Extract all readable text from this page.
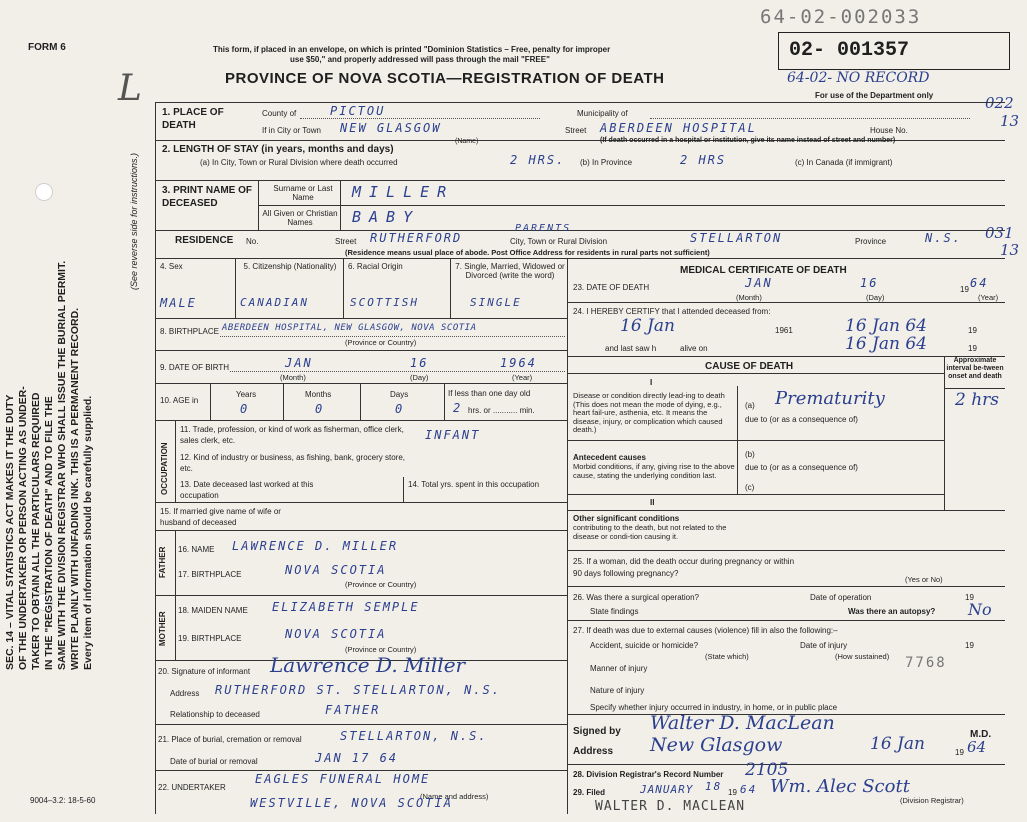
FORM 6
L
This form, if placed in an envelope, on which is printed "Dominion Statistics – Free, penalty for improper
use $50," and properly addressed will pass through the mail "FREE"
PROVINCE OF NOVA SCOTIA—REGISTRATION OF DEATH
64-02-002033
02- 001357
64-02- NO RECORD
For use of the Department only	022
13
031
13
SEC. 14 – VITAL STATISTICS ACT MAKES IT THE DUTY OF THE UNDERTAKER OR PERSON ACTING AS UNDER- TAKER TO OBTAIN ALL THE PARTICULARS REQUIRED IN THE "REGISTRATION OF DEATH" AND TO FILE THE SAME WITH THE DIVISION REGISTRAR WHO SHALL ISSUE THE BURIAL PERMIT. WRITE PLAINLY WITH UNFADING INK. THIS IS A PERMANENT RECORD. Every item of information should be carefully supplied.
(See reverse side for instructions.)
1. PLACE OF DEATH
County of	PICTOU	Municipality of
If in City or Town NEW GLASGOW
(Name)
Street ABERDEEN HOSPITAL	House No.
(If death occurred in a hospital or institution, give its name instead of street and number)
2. LENGTH OF STAY (in years, months and days)
(a) In City, Town or Rural Division where death occurred	2 HRS. (b) In Province	2 HRS	(c) In Canada (if immigrant)
3. PRINT NAME OF DECEASED
Surname or Last Name	MILLER
All Given or Christian Names	BABY
RESIDENCE No.	Street RUTHERFORD
PARENTS
City, Town or Rural Division	STELLARTON	Province	N.S.
(Residence means usual place of abode. Post Office Address for residents in rural parts not sufficient)
4. Sex
MALE
5. Citizenship (Nationality)
CANADIAN
6. Racial Origin
SCOTTISH
7. Single, Married, Widowed or Divorced (write the word)
SINGLE
8. BIRTHPLACE ABERDEEN HOSPITAL, NEW GLASGOW, NOVA SCOTIA
(Province or Country)
9. DATE OF BIRTH	JAN	16	1964
(Month)	(Day)	(Year)
10. AGE in
Years	Months	Days
0	0	0
If less than one day old
2 hrs. or ........... min.
OCCUPATION
11. Trade, profession, or kind of work as fisherman, office clerk, sales clerk, etc.	INFANT
12. Kind of industry or business, as fishing, bank, grocery store, etc.
13. Date deceased last worked at this occupation
14. Total yrs. spent in this occupation
15. If married give name of wife or husband of deceased
FATHER 16. NAME LAWRENCE D. MILLER
17. BIRTHPLACE	NOVA SCOTIA
(Province or Country)
MOTHER
18. MAIDEN NAME ELIZABETH SEMPLE
19. BIRTHPLACE	NOVA SCOTIA
(Province or Country)
20. Signature of informant Lawrence D. Miller
Address RUTHERFORD ST. STELLARTON, N.S.
Relationship to deceased	FATHER
21. Place of burial, cremation or removal	STELLARTON, N.S.
Date of burial or removal	JAN 17 64
22. UNDERTAKER
EAGLES FUNERAL HOME
(Name and address)
WESTVILLE, NOVA SCOTIA
9004–3.2: 18-5-60
MEDICAL CERTIFICATE OF DEATH
23. DATE OF DEATH	JAN	16	19 64
(Month)	(Day)	(Year)
24. I HEREBY CERTIFY that I attended deceased from:
16 Jan	1961	16 Jan 64	19
and last saw h	alive on	16 Jan 64	19
CAUSE OF DEATH
Approximate interval be-tween onset and death
I
Disease or condition directly lead-ing to death (This does not mean the mode of dying, e.g., heart fail-ure, asthenia, etc. It means the disease, injury, or complication which caused death.)
(a) Prematurity	2 hrs
due to (or as a consequence of)
Antecedent causes
Morbid conditions, if any, giving rise to the above cause, stating the underlying condition last.
(b)
due to (or as a consequence of)
(c)
II
Other significant conditions
contributing to the death, but not related to the disease or condi-tion causing it.
25. If a woman, did the death occur during pregnancy or within 90 days following pregnancy?
(Yes or No)
26. Was there a surgical operation?	Date of operation	19
State findings	Was there an autopsy? No
27. If death was due to external causes (violence) fill in also the following:–
Accident, suicide or homicide?	Date of injury	19
(State which)	(How sustained)
Manner of injury	7768
Nature of injury
Specify whether injury occurred in industry, in home, or in public place
Signed by Walter D. MacLean
M.D.
Address New Glasgow	16 Jan	19 64
28. Division Registrar's Record Number 2105
29. Filed	JANUARY 18 19 64 Wm. Alec Scott
(Division Registrar)
WALTER D. MACLEAN
